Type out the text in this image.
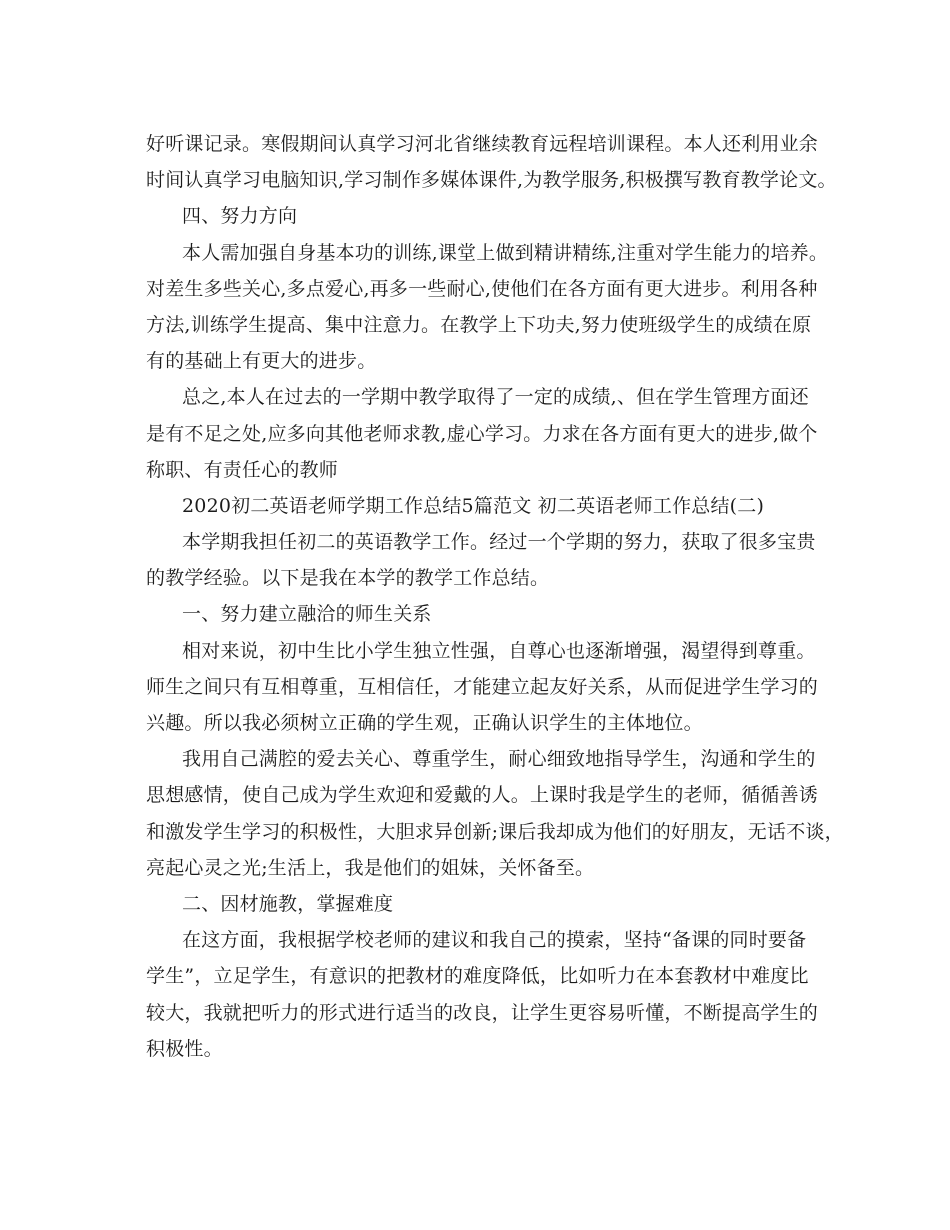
好听课记录。寒假期间认真学习河北省继续教育远程培训课程。本人还利用业余
时间认真学习电脑知识,学习制作多媒体课件,为教学服务,积极撰写教育教学论文。
四、努力方向
本人需加强自身基本功的训练,课堂上做到精讲精练,注重对学生能力的培养。
对差生多些关心,多点爱心,再多一些耐心,使他们在各方面有更大进步。利用各种
方法,训练学生提高、集中注意力。在教学上下功夫,努力使班级学生的成绩在原
有的基础上有更大的进步。
总之,本人在过去的一学期中教学取得了一定的成绩,、但在学生管理方面还
是有不足之处,应多向其他老师求教,虚心学习。力求在各方面有更大的进步,做个
称职、有责任心的教师
2020初二英语老师学期工作总结5篇范文 初二英语老师工作总结(二)
本学期我担任初二的英语教学工作。经过一个学期的努力，获取了很多宝贵
的教学经验。以下是我在本学的教学工作总结。
一、努力建立融洽的师生关系
相对来说，初中生比小学生独立性强，自尊心也逐渐增强，渴望得到尊重。
师生之间只有互相尊重，互相信任，才能建立起友好关系，从而促进学生学习的
兴趣。所以我必须树立正确的学生观，正确认识学生的主体地位。
我用自己满腔的爱去关心、尊重学生，耐心细致地指导学生，沟通和学生的
思想感情，使自己成为学生欢迎和爱戴的人。上课时我是学生的老师，循循善诱
和激发学生学习的积极性，大胆求异创新;课后我却成为他们的好朋友，无话不谈，
亮起心灵之光;生活上，我是他们的姐妹，关怀备至。
二、因材施教，掌握难度
在这方面，我根据学校老师的建议和我自己的摸索，坚持“备课的同时要备
学生”，立足学生，有意识的把教材的难度降低，比如听力在本套教材中难度比
较大，我就把听力的形式进行适当的改良，让学生更容易听懂，不断提高学生的
积极性。
